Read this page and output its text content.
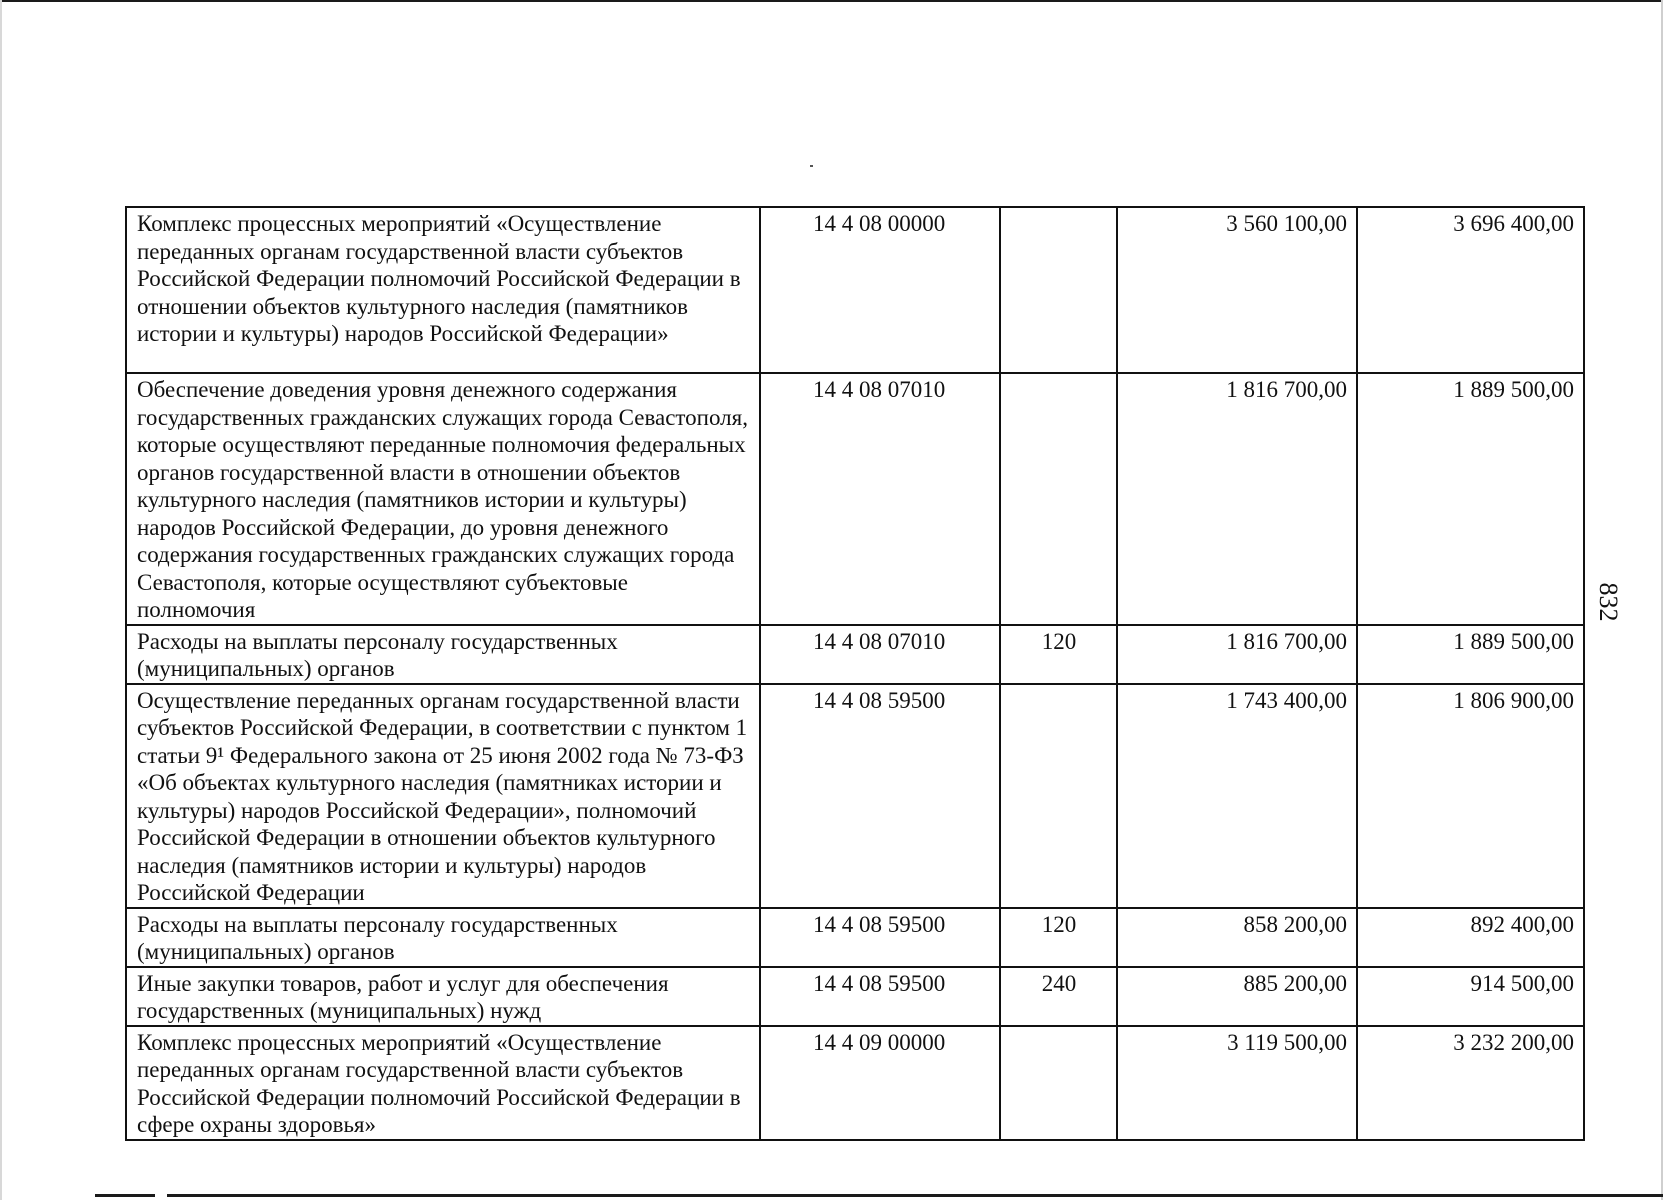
832
Комплекс процессных мероприятий «Осуществление переданных органам государственной власти субъектов Российской Федерации полномочий Российской Федерации в отношении объектов культурного наследия (памятников истории и культуры) народов Российской Федерации»	14 4 08 00000		3 560 100,00	3 696 400,00
Обеспечение доведения уровня денежного содержания государственных гражданских служащих города Севастополя, которые осуществляют переданные полномочия федеральных органов государственной власти в отношении объектов культурного наследия (памятников истории и культуры) народов Российской Федерации, до уровня денежного содержания государственных гражданских служащих города Севастополя, которые осуществляют субъектовые полномочия	14 4 08 07010		1 816 700,00	1 889 500,00
Расходы на выплаты персоналу государственных (муниципальных) органов	14 4 08 07010	120	1 816 700,00	1 889 500,00
Осуществление переданных органам государственной власти субъектов Российской Федерации, в соответствии с пунктом 1 статьи 9¹ Федерального закона от 25 июня 2002 года № 73-ФЗ «Об объектах культурного наследия (памятниках истории и культуры) народов Российской Федерации», полномочий Российской Федерации в отношении объектов культурного наследия (памятников истории и культуры) народов Российской Федерации	14 4 08 59500		1 743 400,00	1 806 900,00
Расходы на выплаты персоналу государственных (муниципальных) органов	14 4 08 59500	120	858 200,00	892 400,00
Иные закупки товаров, работ и услуг для обеспечения государственных (муниципальных) нужд	14 4 08 59500	240	885 200,00	914 500,00
Комплекс процессных мероприятий «Осуществление переданных органам государственной власти субъектов Российской Федерации полномочий Российской Федерации в сфере охраны здоровья»	14 4 09 00000		3 119 500,00	3 232 200,00
